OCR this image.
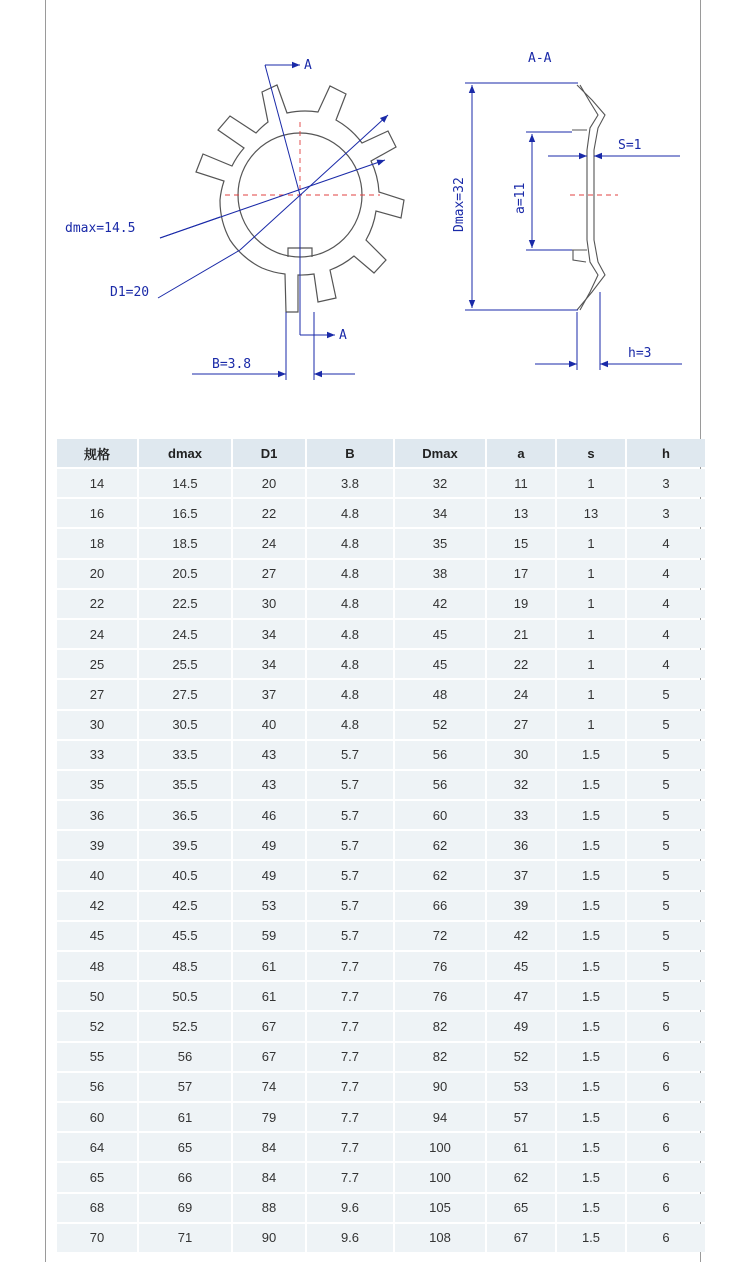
A
A
dmax=14.5
D1=20
B=3.8
A-A
Dmax=32	a=11
S=1
h=3
规格	dmax	D1	B	Dmax	a	s	h
14	14.5	20	3.8	32	11	1	3
16	16.5	22	4.8	34	13	13	3
18	18.5	24	4.8	35	15	1	4
20	20.5	27	4.8	38	17	1	4
22	22.5	30	4.8	42	19	1	4
24	24.5	34	4.8	45	21	1	4
25	25.5	34	4.8	45	22	1	4
27	27.5	37	4.8	48	24	1	5
30	30.5	40	4.8	52	27	1	5
33	33.5	43	5.7	56	30	1.5	5
35	35.5	43	5.7	56	32	1.5	5
36	36.5	46	5.7	60	33	1.5	5
39	39.5	49	5.7	62	36	1.5	5
40	40.5	49	5.7	62	37	1.5	5
42	42.5	53	5.7	66	39	1.5	5
45	45.5	59	5.7	72	42	1.5	5
48	48.5	61	7.7	76	45	1.5	5
50	50.5	61	7.7	76	47	1.5	5
52	52.5	67	7.7	82	49	1.5	6
55	56	67	7.7	82	52	1.5	6
56	57	74	7.7	90	53	1.5	6
60	61	79	7.7	94	57	1.5	6
64	65	84	7.7	100	61	1.5	6
65	66	84	7.7	100	62	1.5	6
68	69	88	9.6	105	65	1.5	6
70	71	90	9.6	108	67	1.5	6
